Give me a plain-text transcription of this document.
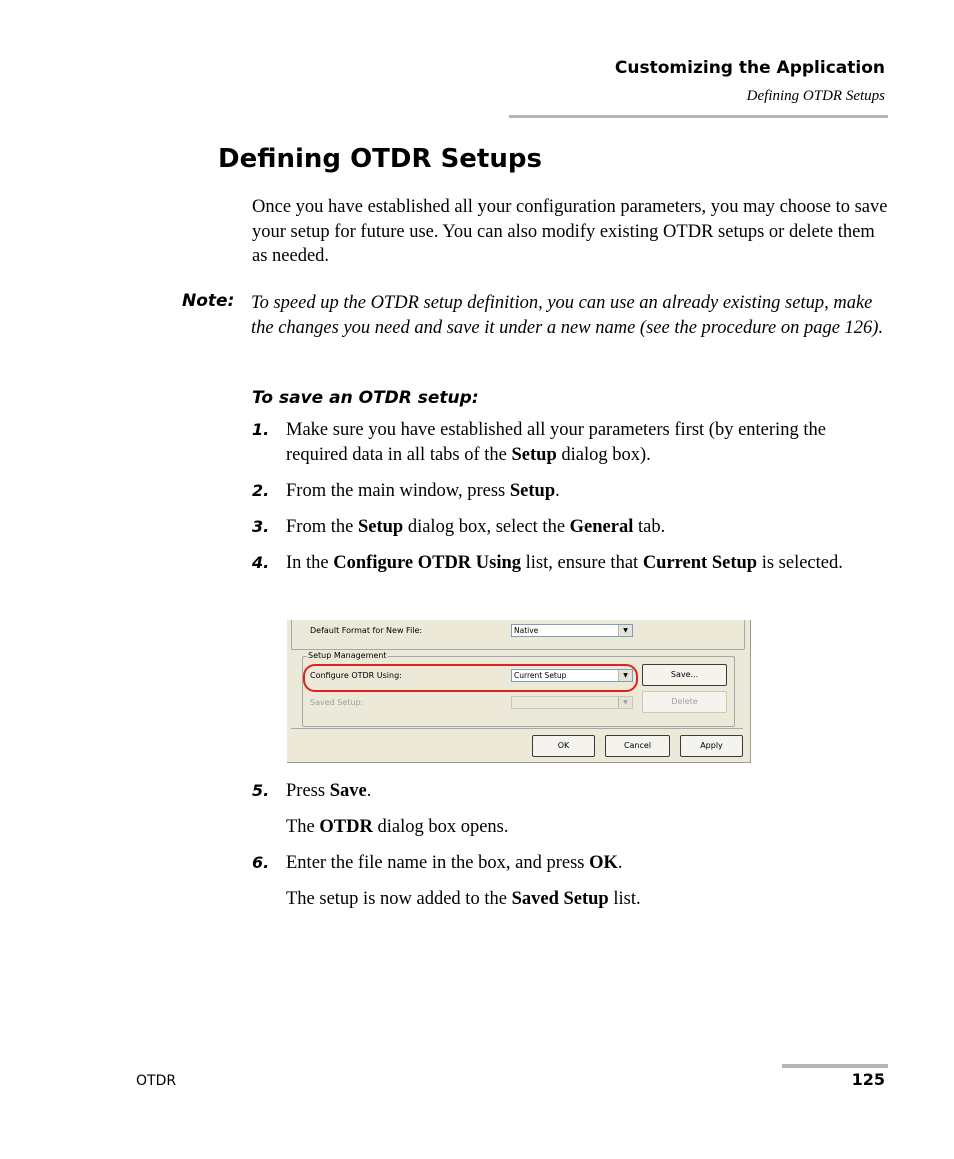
Customizing the Application
Defining OTDR Setups
Defining OTDR Setups
Once you have established all your configuration parameters, you may choose to save your setup for future use. You can also modify existing OTDR setups or delete them as needed.
Note: To speed up the OTDR setup definition, you can use an already existing setup, make the changes you need and save it under a new name (see the procedure on page 126).
To save an OTDR setup:
1. Make sure you have established all your parameters first (by entering the required data in all tabs of the Setup dialog box).
2. From the main window, press Setup.
3. From the Setup dialog box, select the General tab.
4. In the Configure OTDR Using list, ensure that Current Setup is selected.
Default Format for New File:	Native	▼
Setup Management
Configure OTDR Using:	Current Setup	▼	Save...
Saved Setup:	▼	Delete
OK	Cancel	Apply
5. Press Save.
The OTDR dialog box opens.
6. Enter the file name in the box, and press OK.
The setup is now added to the Saved Setup list.
OTDR	125
